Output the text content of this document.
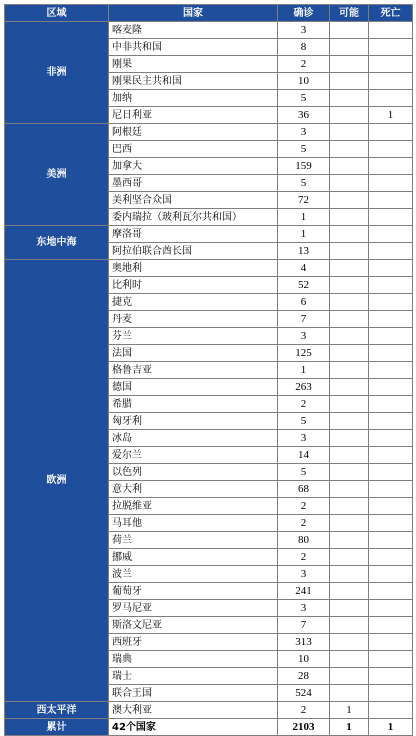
区域	国家	确诊	可能	死亡
非洲	喀麦隆	3		
	中非共和国	8		
	刚果	2		
	刚果民主共和国	10		
	加纳	5		
	尼日利亚	36		1
美洲	阿根廷	3		
	巴西	5		
	加拿大	159		
	墨西哥	5		
	美利坚合众国	72		
	委内瑞拉（玻利瓦尔共和国）	1		
东地中海	摩洛哥	1		
	阿拉伯联合酋长国	13		
欧洲	奥地利	4		
	比利时	52		
	捷克	6		
	丹麦	7		
	芬兰	3		
	法国	125		
	格鲁吉亚	1		
	德国	263		
	希腊	2		
	匈牙利	5		
	冰岛	3		
	爱尔兰	14		
	以色列	5		
	意大利	68		
	拉脱维亚	2		
	马耳他	2		
	荷兰	80		
	挪威	2		
	波兰	3		
	葡萄牙	241		
	罗马尼亚	3		
	斯洛文尼亚	7		
	西班牙	313		
	瑞典	10		
	瑞士	28		
	联合王国	524		
西太平洋	澳大利亚	2	1	
累计	42个国家	2103	1	1
